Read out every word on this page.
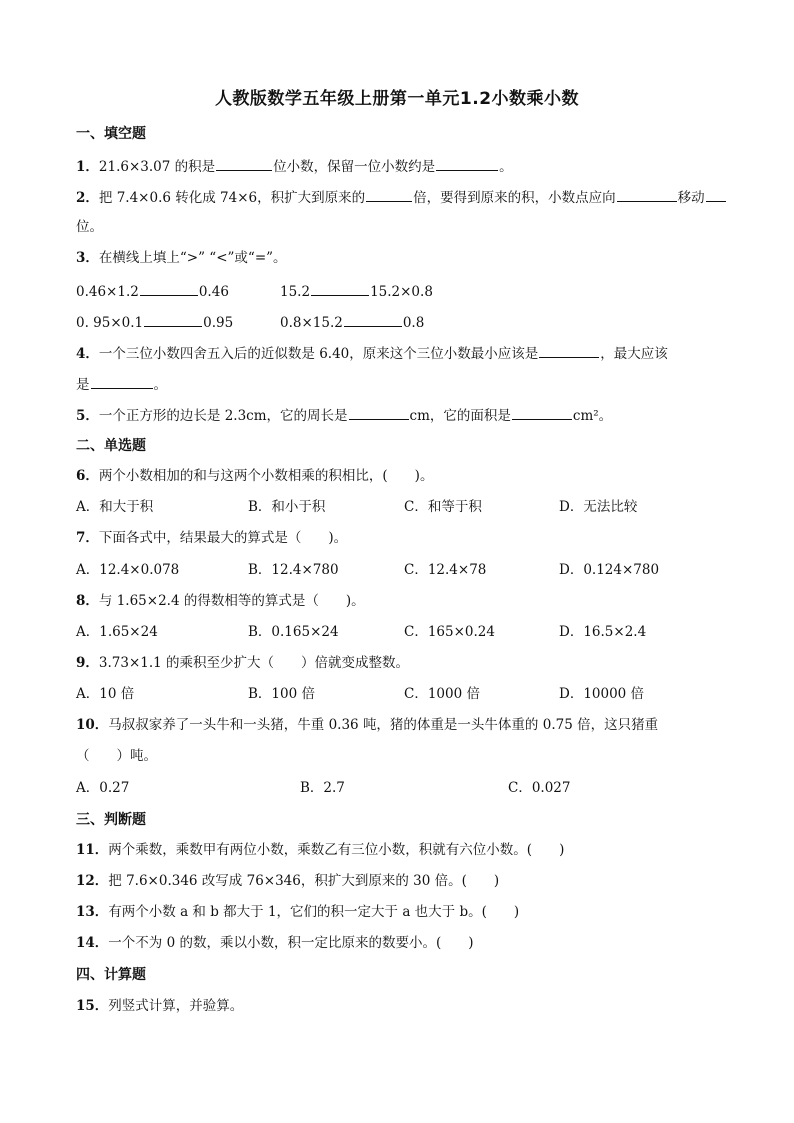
人教版数学五年级上册第一单元1.2小数乘小数
一、填空题
1．21.6×3.07 的积是	位小数，保留一位小数约是	。
2．把 7.4×0.6 转化成 74×6，积扩大到原来的	倍，要得到原来的积，小数点应向	移动
位。
3．在横线上填上“>” “<”或“=”。
0.46×1.2	0.46	15.2	15.2×0.8
0. 95×0.1	0.95	0.8×15.2	0.8
4．一个三位小数四舍五入后的近似数是 6.40，原来这个三位小数最小应该是	，最大应该
是	。
5．一个正方形的边长是 2.3cm，它的周长是	cm，它的面积是	cm²。
二、单选题
6．两个小数相加的和与这两个小数相乘的积相比，(　　)。
A．和大于积	B．和小于积	C．和等于积	D．无法比较
7．下面各式中，结果最大的算式是（　　)。
A．12.4×0.078	B．12.4×780	C．12.4×78	D．0.124×780
8．与 1.65×2.4 的得数相等的算式是（　　)。
A．1.65×24	B．0.165×24	C．165×0.24	D．16.5×2.4
9．3.73×1.1 的乘积至少扩大（　　）倍就变成整数。
A．10 倍	B．100 倍	C．1000 倍	D．10000 倍
10．马叔叔家养了一头牛和一头猪，牛重 0.36 吨，猪的体重是一头牛体重的 0.75 倍，这只猪重
（　　）吨。
A．0.27	B．2.7	C．0.027
三、判断题
11．两个乘数，乘数甲有两位小数，乘数乙有三位小数，积就有六位小数。(　　)
12．把 7.6×0.346 改写成 76×346，积扩大到原来的 30 倍。(　　)
13．有两个小数 a 和 b 都大于 1，它们的积一定大于 a 也大于 b。(　　)
14．一个不为 0 的数，乘以小数，积一定比原来的数要小。(　　)
四、计算题
15．列竖式计算，并验算。
